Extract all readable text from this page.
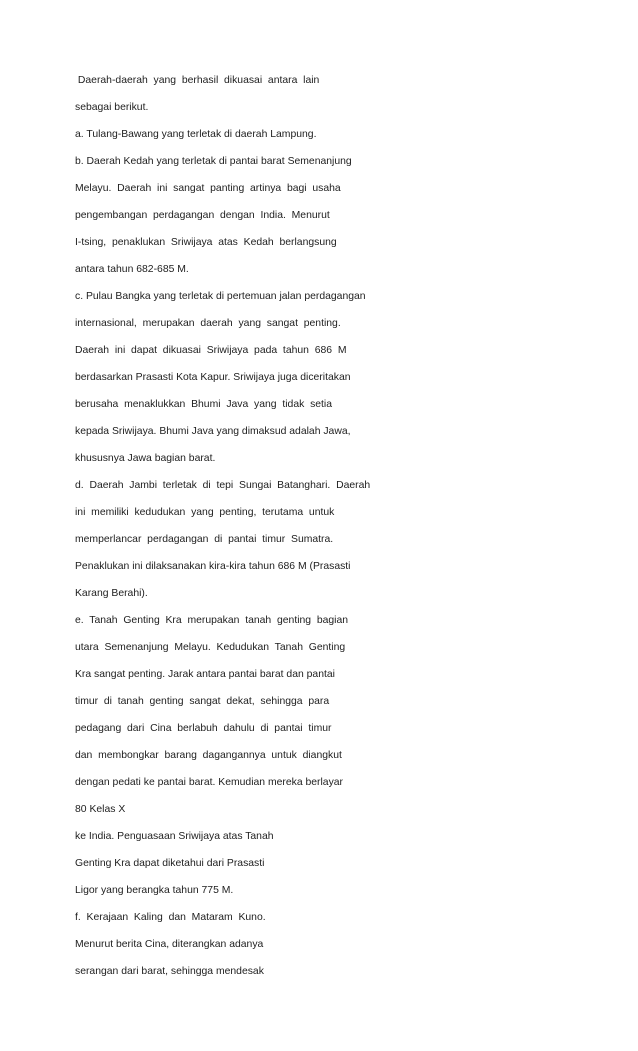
Daerah-daerah  yang  berhasil  dikuasai  antara  lain

sebagai berikut.

a. Tulang-Bawang yang terletak di daerah Lampung.

b. Daerah Kedah yang terletak di pantai barat Semenanjung

Melayu.  Daerah  ini  sangat  panting  artinya  bagi  usaha

pengembangan  perdagangan  dengan  India.  Menurut

I-tsing,  penaklukan  Sriwijaya  atas  Kedah  berlangsung

antara tahun 682-685 M.

c. Pulau Bangka yang terletak di pertemuan jalan perdagangan

internasional,  merupakan  daerah  yang  sangat  penting.

Daerah  ini  dapat  dikuasai  Sriwijaya  pada  tahun  686  M

berdasarkan Prasasti Kota Kapur. Sriwijaya juga diceritakan

berusaha  menaklukkan  Bhumi  Java  yang  tidak  setia

kepada Sriwijaya. Bhumi Java yang dimaksud adalah Jawa,

khususnya Jawa bagian barat.

d.  Daerah  Jambi  terletak  di  tepi  Sungai  Batanghari.  Daerah

ini  memiliki  kedudukan  yang  penting,  terutama  untuk

memperlancar  perdagangan  di  pantai  timur  Sumatra.

Penaklukan ini dilaksanakan kira-kira tahun 686 M (Prasasti

Karang Berahi).

e.  Tanah  Genting  Kra  merupakan  tanah  genting  bagian

utara  Semenanjung  Melayu.  Kedudukan  Tanah  Genting

Kra sangat penting. Jarak antara pantai barat dan pantai

timur  di  tanah  genting  sangat  dekat,  sehingga  para

pedagang  dari  Cina  berlabuh  dahulu  di  pantai  timur

dan  membongkar  barang  dagangannya  untuk  diangkut

dengan pedati ke pantai barat. Kemudian mereka berlayar

80 Kelas X

ke India. Penguasaan Sriwijaya atas Tanah

Genting Kra dapat diketahui dari Prasasti

Ligor yang berangka tahun 775 M.

f.  Kerajaan  Kaling  dan  Mataram  Kuno.

Menurut berita Cina, diterangkan adanya

serangan dari barat, sehingga mendesak
